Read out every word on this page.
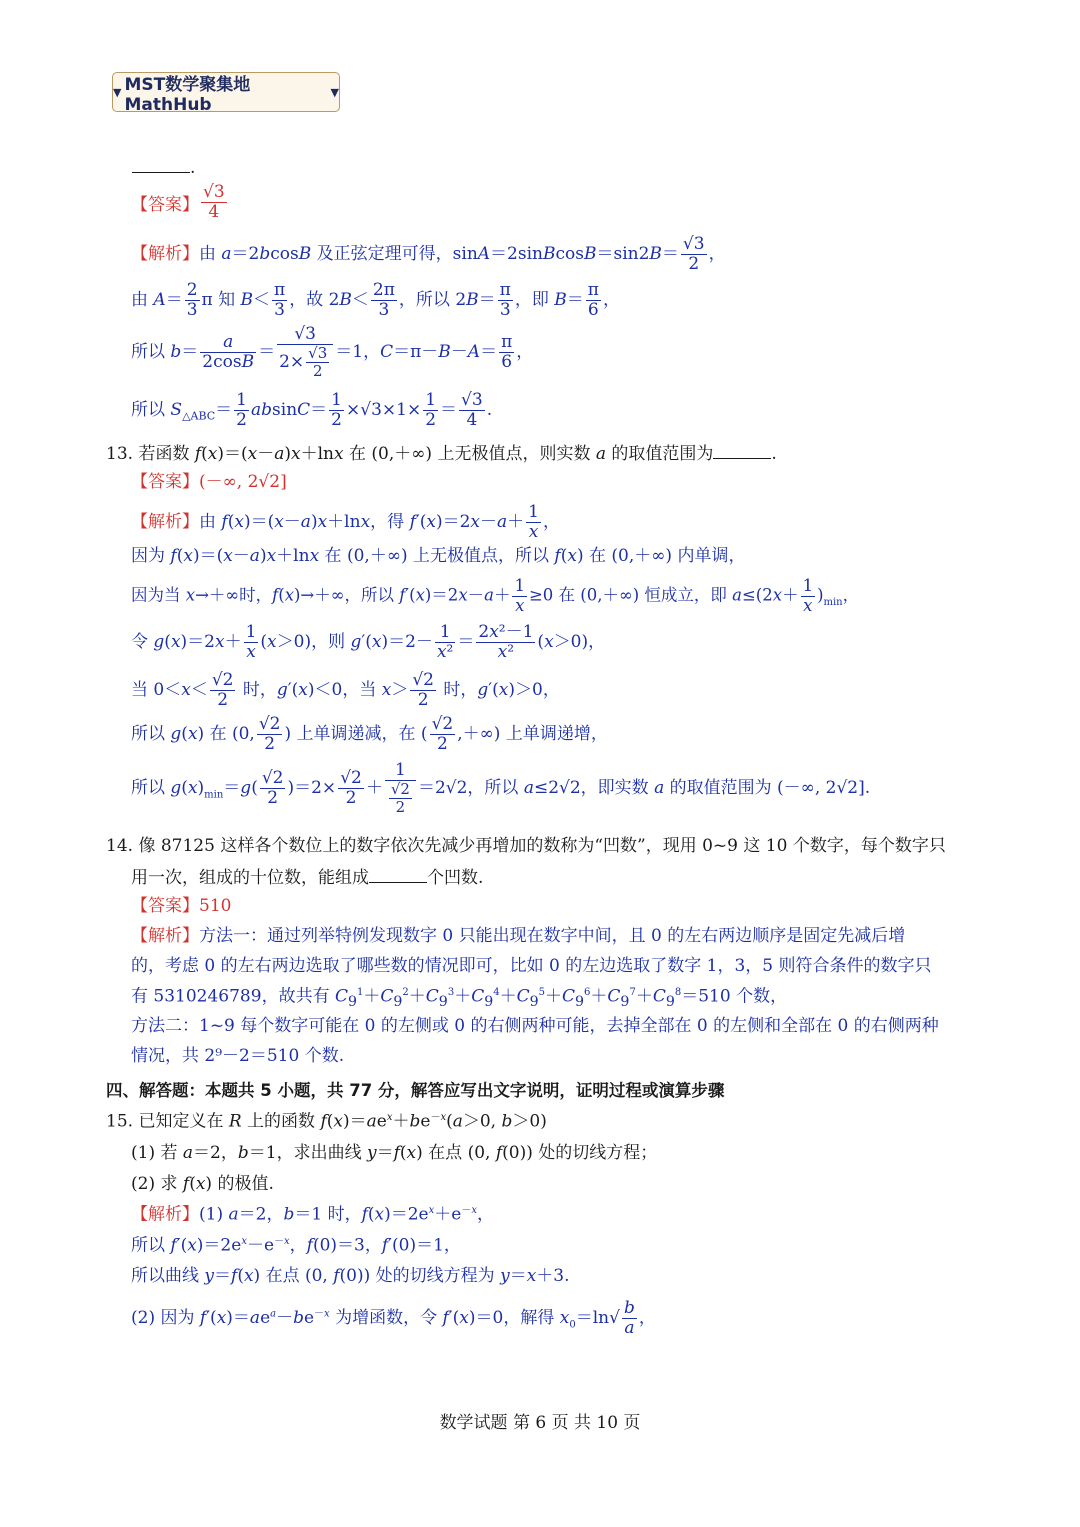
▼ MST数学聚集地MathHub
▼
.
【答案】 $\frac{√3}{4}$
【解析】由 a＝2bcosB 及正弦定理可得，sinA＝2sinBcosB＝sin2B＝ $\frac{√3}{2}$ ，
由 $A= \frac{2}{3}$ π 知 $B< \frac{\pi}{3}$ ，故 $2B< \frac{2\pi}{3}$ ，所以 $2B= \frac{\pi}{3}$ ，即 $B= \frac{\pi}{6}$ ，
所以 $b= \frac{a}{2\cos B} = \frac{√3}{2\times \frac{√3}{2}} =1$，$C=\pi-B-A= \frac{\pi}{6}$ ，
所以 $S_{\triangle ABC}= \frac{1}{2} absinC= \frac{1}{2} \times√3\times 1\times \frac{1}{2} = \frac{√3}{4}$ .
13. 若函数 f(x)＝(x－a)x＋lnx 在 (0,＋∞) 上无极值点，则实数 a 的取值范围为	.
【答案】(－∞, 2√2]
【解析】由 f(x)＝(x－a)x＋lnx，得 $f'(x)=2x-a+ \frac{1}{x}$ ，
因为 f(x)＝(x－a)x＋lnx 在 (0,＋∞) 上无极值点，所以 f(x) 在 (0,＋∞) 内单调，
因为当 x→＋∞时，f(x)→＋∞，所以 $f'(x)=2x-a+ \frac{1}{x} \ge 0$ 在 (0,＋∞) 恒成立，即 $a\le(2x+ \frac{1}{x} )_{min}$，
令 $g(x)=2x+ \frac{1}{x} (x>0)$，则 $g'(x)=2- \frac{1}{\text{x²}} = \frac{\text{2x²－1}}{\text{x²}} (x>0)$，
当 $0<x< \frac{√2}{2}$ 时，g′(x)＜0，当 $x> \frac{√2}{2}$ 时，g′(x)＞0，
所以 g(x) 在 (0, $\frac{√2}{2}$ ) 上单调递减，在 ( $\frac{√2}{2}$ ,＋∞) 上单调递增，
所以 $g(x)_{min}=g( \frac{√2}{2} )=2\times \frac{√2}{2} + \frac{1}{\frac{√2}{2}} =2√2$，所以 a≤2√2，即实数 a 的取值范围为 (－∞, 2√2].
14. 像 87125 这样各个数位上的数字依次先减少再增加的数称为“凹数”，现用 0~9 这 10 个数字，每个数字只
用一次，组成的十位数，能组成	个凹数.
【答案】510
【解析】方法一：通过列举特例发现数字 0 只能出现在数字中间，且 0 的左右两边顺序是固定先减后增
的，考虑 0 的左右两边选取了哪些数的情况即可，比如 0 的左边选取了数字 1，3，5 则符合条件的数字只
有 5310246789，故共有 $C_9^1+C_9^2+C_9^3+C_9^4+C_9^5+C_9^6+C_9^7+C_9^8=510$ 个数，
方法二：1~9 每个数字可能在 0 的左侧或 0 的右侧两种可能，去掉全部在 0 的左侧和全部在 0 的右侧两种
情况，共 2⁹－2＝510 个数.
四、解答题：本题共 5 小题，共 77 分，解答应写出文字说明，证明过程或演算步骤
15. 已知定义在 R 上的函数 $f(x)=ae^x+be^{-x}(a>0$, b＞0)
(1) 若 a＝2，b＝1，求出曲线 y＝f(x) 在点 (0, f(0)) 处的切线方程；
(2) 求 f(x) 的极值.
【解析】(1) a＝2，b＝1 时，$f(x)=2e^x+e^{-x}$，
所以 $f'(x)=2e^x-e^{-x}$，f(0)＝3，f′(0)＝1，
所以曲线 y＝f(x) 在点 (0, f(0)) 处的切线方程为 y＝x＋3.
(2) 因为 $f'(x)=ae^a-be^{-x}$ 为增函数，令 f′(x)＝0，解得 $x_0=\ln√ \frac{b}{a}$ ，
数学试题 第 6 页 共 10 页
